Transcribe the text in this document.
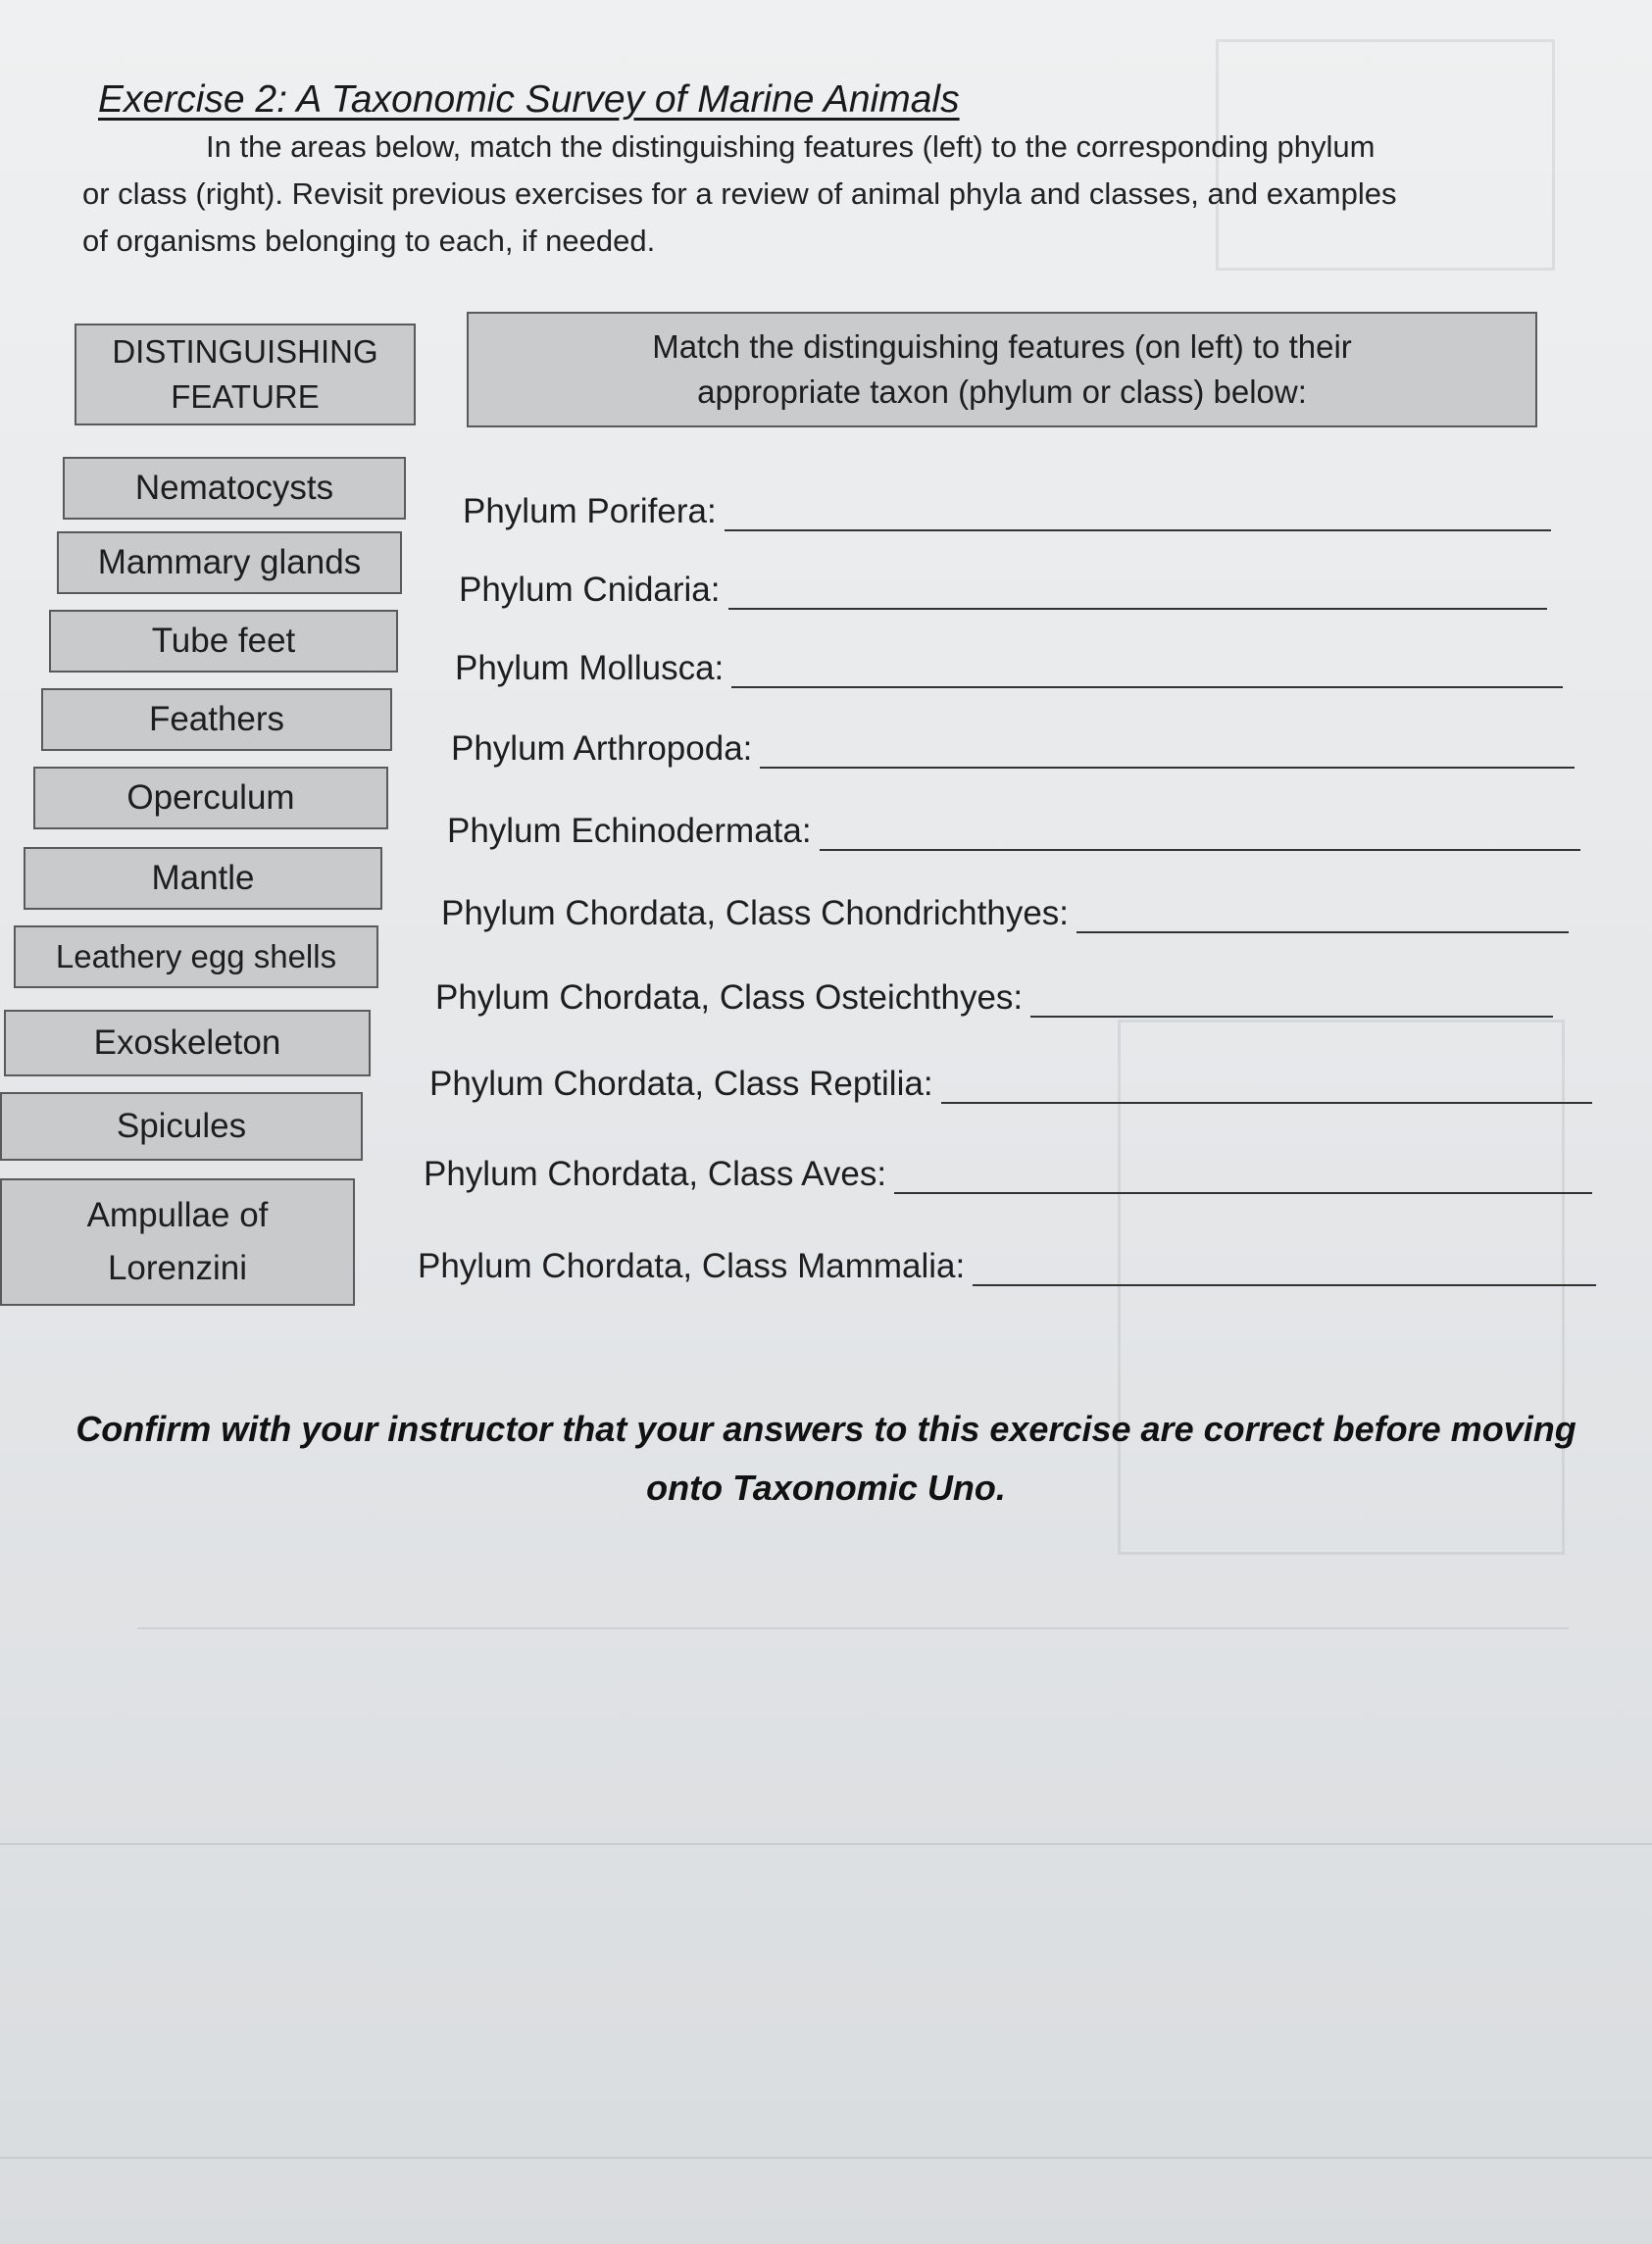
Exercise 2: A Taxonomic Survey of Marine Animals
In the areas below, match the distinguishing features (left) to the corresponding phylum
or class (right). Revisit previous exercises for a review of animal phyla and classes, and examples
of organisms belonging to each, if needed.
DISTINGUISHING
FEATURE
Match the distinguishing features (on left) to their
appropriate taxon (phylum or class) below:
Nematocysts
Mammary glands
Tube feet
Feathers
Operculum
Mantle
Leathery egg shells
Exoskeleton
Spicules
Ampullae of
Lorenzini
Phylum Porifera:
Phylum Cnidaria:
Phylum Mollusca:
Phylum Arthropoda:
Phylum Echinodermata:
Phylum Chordata, Class Chondrichthyes:
Phylum Chordata, Class Osteichthyes:
Phylum Chordata, Class Reptilia:
Phylum Chordata, Class Aves:
Phylum Chordata, Class Mammalia:
Confirm with your instructor that your answers to this exercise are correct before moving
onto Taxonomic Uno.
